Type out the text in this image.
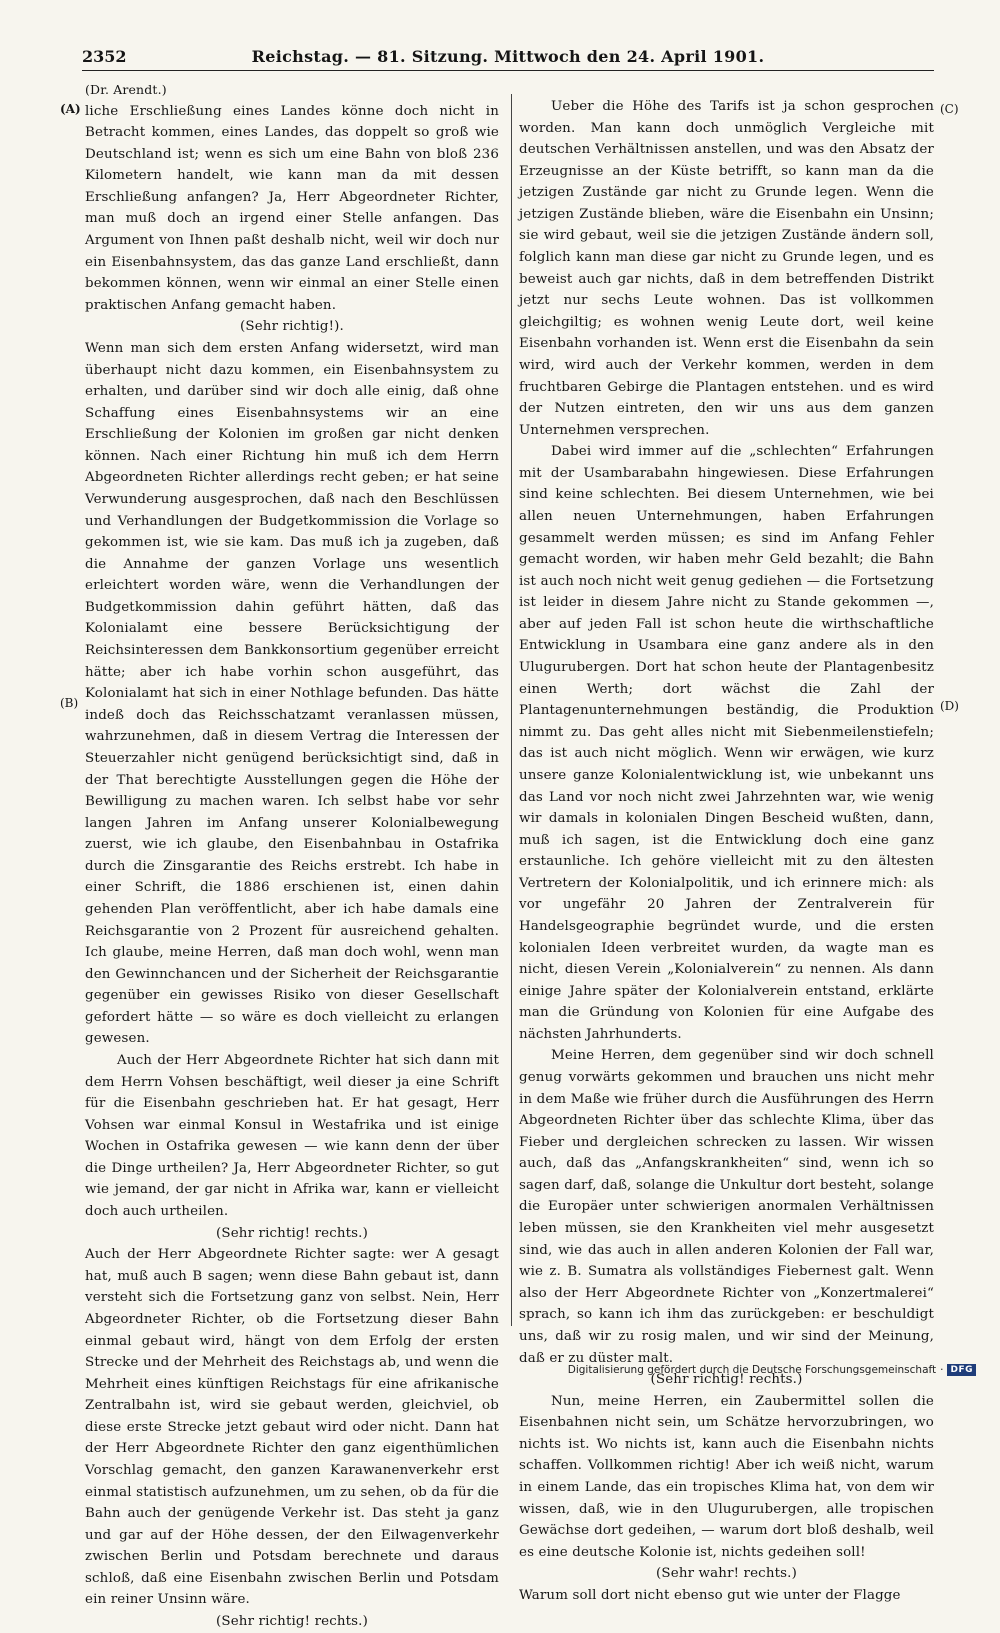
2352	Reichstag. — 81. Sitzung. Mittwoch den 24. April 1901.
(A)
(B)
(C)
(D)

(Dr. Arendt.)

liche Erschließung eines Landes könne doch nicht in Betracht kommen, eines Landes, das doppelt so groß wie Deutschland ist; wenn es sich um eine Bahn von bloß 236 Kilometern handelt, wie kann man da mit dessen Erschließung anfangen? Ja, Herr Abgeordneter Richter, man muß doch an irgend einer Stelle anfangen. Das Argument von Ihnen paßt deshalb nicht, weil wir doch nur ein Eisenbahnsystem, das das ganze Land erschließt, dann bekommen können, wenn wir einmal an einer Stelle einen praktischen Anfang gemacht haben.

(Sehr richtig!).

Wenn man sich dem ersten Anfang widersetzt, wird man überhaupt nicht dazu kommen, ein Eisenbahnsystem zu erhalten, und darüber sind wir doch alle einig, daß ohne Schaffung eines Eisenbahnsystems wir an eine Erschließung der Kolonien im großen gar nicht denken können. Nach einer Richtung hin muß ich dem Herrn Abgeordneten Richter allerdings recht geben; er hat seine Verwunderung ausgesprochen, daß nach den Beschlüssen und Verhandlungen der Budgetkommission die Vorlage so gekommen ist, wie sie kam. Das muß ich ja zugeben, daß die Annahme der ganzen Vorlage uns wesentlich erleichtert worden wäre, wenn die Verhandlungen der Budgetkommission dahin geführt hätten, daß das Kolonialamt eine bessere Berücksichtigung der Reichsinteressen dem Bankkonsortium gegenüber erreicht hätte; aber ich habe vorhin schon ausgeführt, das Kolonialamt hat sich in einer Nothlage befunden. Das hätte indeß doch das Reichsschatzamt veranlassen müssen, wahrzunehmen, daß in diesem Vertrag die Interessen der Steuerzahler nicht genügend berücksichtigt sind, daß in der That berechtigte Ausstellungen gegen die Höhe der Bewilligung zu machen waren. Ich selbst habe vor sehr langen Jahren im Anfang unserer Kolonialbewegung zuerst, wie ich glaube, den Eisenbahnbau in Ostafrika durch die Zinsgarantie des Reichs erstrebt. Ich habe in einer Schrift, die 1886 erschienen ist, einen dahin gehenden Plan veröffentlicht, aber ich habe damals eine Reichsgarantie von 2 Prozent für ausreichend gehalten. Ich glaube, meine Herren, daß man doch wohl, wenn man den Gewinnchancen und der Sicherheit der Reichsgarantie gegenüber ein gewisses Risiko von dieser Gesellschaft gefordert hätte — so wäre es doch vielleicht zu erlangen gewesen.

Auch der Herr Abgeordnete Richter hat sich dann mit dem Herrn Vohsen beschäftigt, weil dieser ja eine Schrift für die Eisenbahn geschrieben hat. Er hat gesagt, Herr Vohsen war einmal Konsul in Westafrika und ist einige Wochen in Ostafrika gewesen — wie kann denn der über die Dinge urtheilen? Ja, Herr Abgeordneter Richter, so gut wie jemand, der gar nicht in Afrika war, kann er vielleicht doch auch urtheilen.

(Sehr richtig! rechts.)

Auch der Herr Abgeordnete Richter sagte: wer A gesagt hat, muß auch B sagen; wenn diese Bahn gebaut ist, dann versteht sich die Fortsetzung ganz von selbst. Nein, Herr Abgeordneter Richter, ob die Fortsetzung dieser Bahn einmal gebaut wird, hängt von dem Erfolg der ersten Strecke und der Mehrheit des Reichstags ab, und wenn die Mehrheit eines künftigen Reichstags für eine afrikanische Zentralbahn ist, wird sie gebaut werden, gleichviel, ob diese erste Strecke jetzt gebaut wird oder nicht. Dann hat der Herr Abgeordnete Richter den ganz eigenthümlichen Vorschlag gemacht, den ganzen Karawanenverkehr erst einmal statistisch aufzunehmen, um zu sehen, ob da für die Bahn auch der genügende Verkehr ist. Das steht ja ganz und gar auf der Höhe dessen, der den Eilwagenverkehr zwischen Berlin und Potsdam berechnete und daraus schloß, daß eine Eisenbahn zwischen Berlin und Potsdam ein reiner Unsinn wäre.

(Sehr richtig! rechts.)

Ueber die Höhe des Tarifs ist ja schon gesprochen worden. Man kann doch unmöglich Vergleiche mit deutschen Verhältnissen anstellen, und was den Absatz der Erzeugnisse an der Küste betrifft, so kann man da die jetzigen Zustände gar nicht zu Grunde legen. Wenn die jetzigen Zustände blieben, wäre die Eisenbahn ein Unsinn; sie wird gebaut, weil sie die jetzigen Zustände ändern soll, folglich kann man diese gar nicht zu Grunde legen, und es beweist auch gar nichts, daß in dem betreffenden Distrikt jetzt nur sechs Leute wohnen. Das ist vollkommen gleichgiltig; es wohnen wenig Leute dort, weil keine Eisenbahn vorhanden ist. Wenn erst die Eisenbahn da sein wird, wird auch der Verkehr kommen, werden in dem fruchtbaren Gebirge die Plantagen entstehen. und es wird der Nutzen eintreten, den wir uns aus dem ganzen Unternehmen versprechen.

Dabei wird immer auf die „schlechten“ Erfahrungen mit der Usambarabahn hingewiesen. Diese Erfahrungen sind keine schlechten. Bei diesem Unternehmen, wie bei allen neuen Unternehmungen, haben Erfahrungen gesammelt werden müssen; es sind im Anfang Fehler gemacht worden, wir haben mehr Geld bezahlt; die Bahn ist auch noch nicht weit genug gediehen — die Fortsetzung ist leider in diesem Jahre nicht zu Stande gekommen —, aber auf jeden Fall ist schon heute die wirthschaftliche Entwicklung in Usambara eine ganz andere als in den Ulugurubergen. Dort hat schon heute der Plantagenbesitz einen Werth; dort wächst die Zahl der Plantagenunternehmungen beständig, die Produktion nimmt zu. Das geht alles nicht mit Siebenmeilenstiefeln; das ist auch nicht möglich. Wenn wir erwägen, wie kurz unsere ganze Kolonialentwicklung ist, wie unbekannt uns das Land vor noch nicht zwei Jahrzehnten war, wie wenig wir damals in kolonialen Dingen Bescheid wußten, dann, muß ich sagen, ist die Entwicklung doch eine ganz erstaunliche. Ich gehöre vielleicht mit zu den ältesten Vertretern der Kolonialpolitik, und ich erinnere mich: als vor ungefähr 20 Jahren der Zentralverein für Handelsgeographie begründet wurde, und die ersten kolonialen Ideen verbreitet wurden, da wagte man es nicht, diesen Verein „Kolonialverein“ zu nennen. Als dann einige Jahre später der Kolonialverein entstand, erklärte man die Gründung von Kolonien für eine Aufgabe des nächsten Jahrhunderts.

Meine Herren, dem gegenüber sind wir doch schnell genug vorwärts gekommen und brauchen uns nicht mehr in dem Maße wie früher durch die Ausführungen des Herrn Abgeordneten Richter über das schlechte Klima, über das Fieber und dergleichen schrecken zu lassen. Wir wissen auch, daß das „Anfangskrankheiten“ sind, wenn ich so sagen darf, daß, solange die Unkultur dort besteht, solange die Europäer unter schwierigen anormalen Verhältnissen leben müssen, sie den Krankheiten viel mehr ausgesetzt sind, wie das auch in allen anderen Kolonien der Fall war, wie z. B. Sumatra als vollständiges Fiebernest galt. Wenn also der Herr Abgeordnete Richter von „Konzertmalerei“ sprach, so kann ich ihm das zurückgeben: er beschuldigt uns, daß wir zu rosig malen, und wir sind der Meinung, daß er zu düster malt.

(Sehr richtig! rechts.)

Nun, meine Herren, ein Zaubermittel sollen die Eisenbahnen nicht sein, um Schätze hervorzubringen, wo nichts ist. Wo nichts ist, kann auch die Eisenbahn nichts schaffen. Vollkommen richtig! Aber ich weiß nicht, warum in einem Lande, das ein tropisches Klima hat, von dem wir wissen, daß, wie in den Ulugurubergen, alle tropischen Gewächse dort gedeihen, — warum dort bloß deshalb, weil es eine deutsche Kolonie ist, nichts gedeihen soll!

(Sehr wahr! rechts.)

Warum soll dort nicht ebenso gut wie unter der Flagge

Digitalisierung gefördert durch die Deutsche Forschungsgemeinschaft · DFG
